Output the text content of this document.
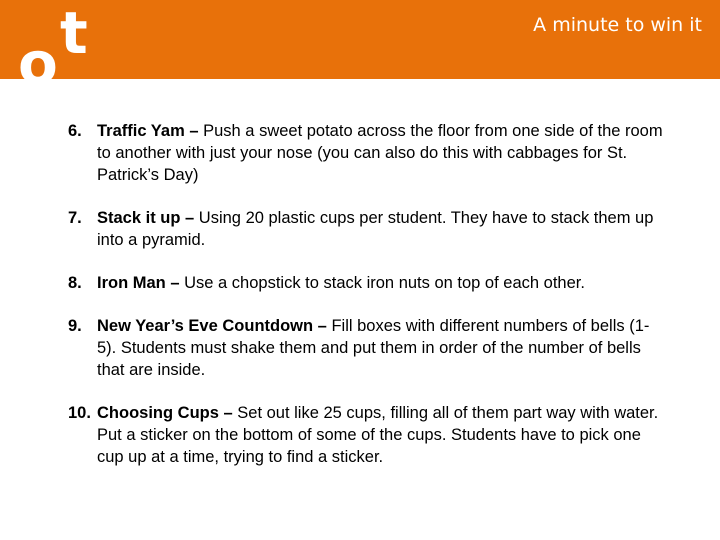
o t	A minute to win it
6. Traffic Yam – Push a sweet potato across the floor from one side of the room to another with just your nose (you can also do this with cabbages for St. Patrick’s Day)
7. Stack it up – Using 20 plastic cups per student. They have to stack them up into a pyramid.
8. Iron Man – Use a chopstick to stack iron nuts on top of each other.
9. New Year’s Eve Countdown – Fill boxes with different numbers of bells (1-5). Students must shake them and put them in order of the number of bells that are inside.
10. Choosing Cups – Set out like 25 cups, filling all of them part way with water. Put a sticker on the bottom of some of the cups. Students have to pick one cup up at a time, trying to find a sticker.
